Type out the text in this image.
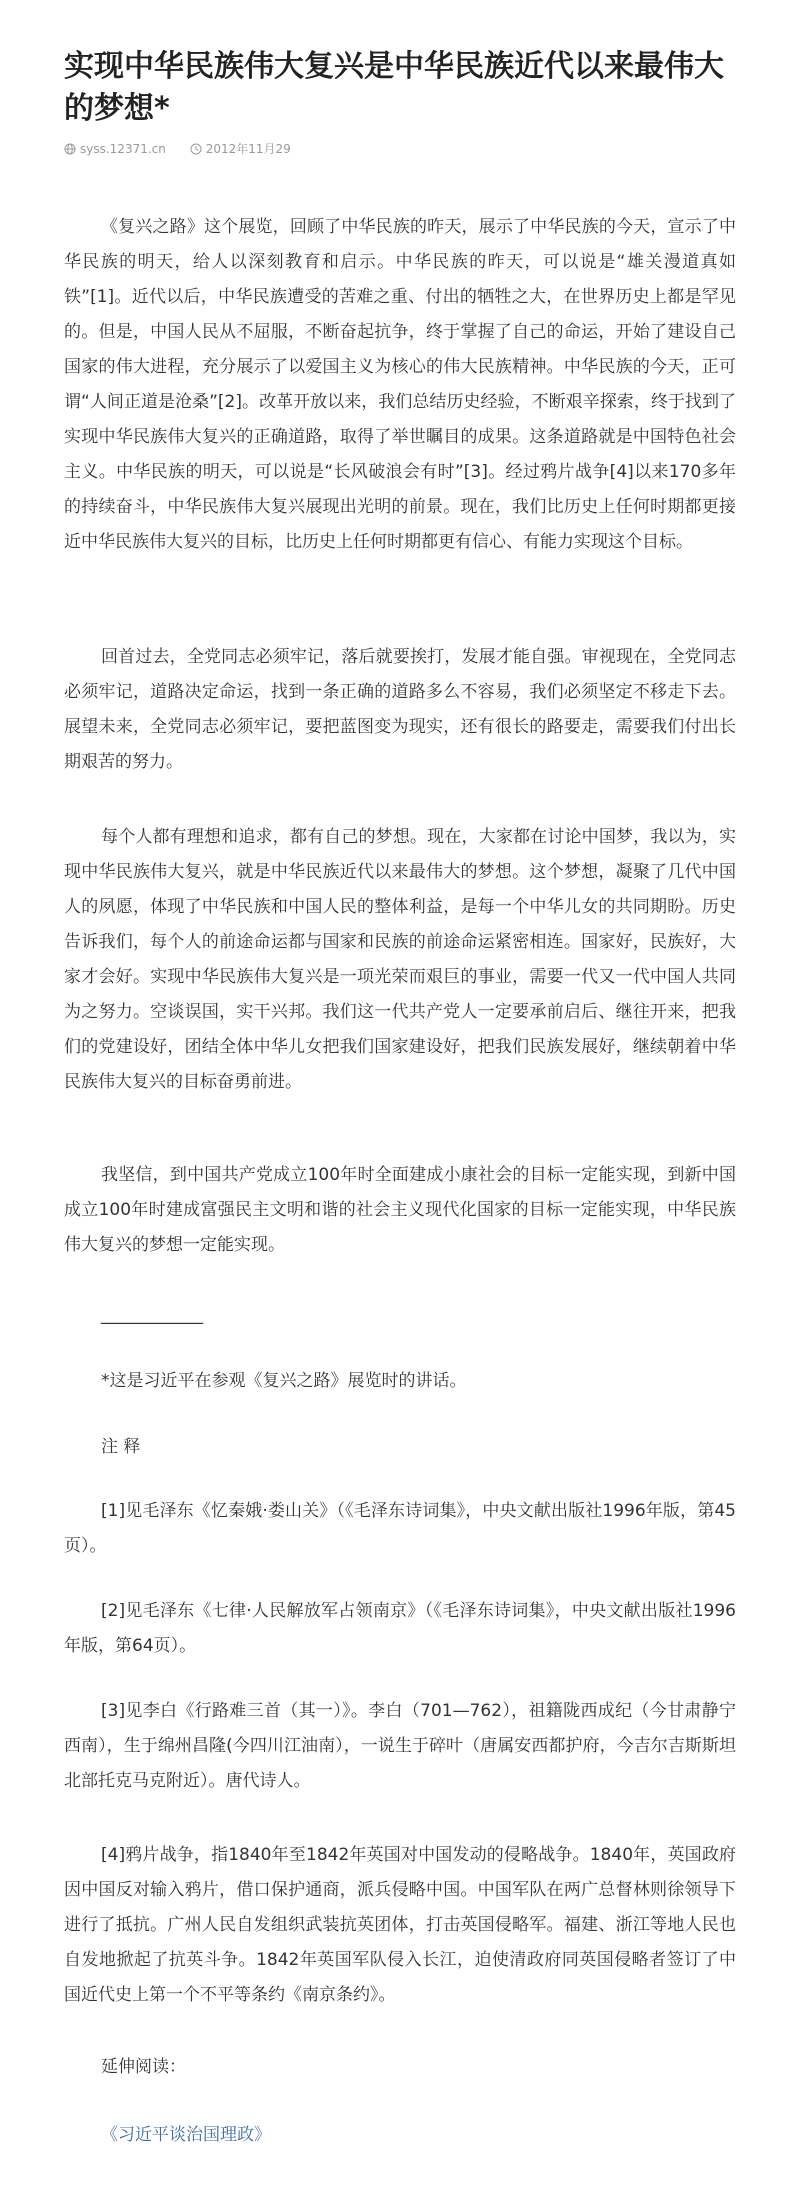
实现中华民族伟大复兴是中华民族近代以来最伟大的梦想*
syss.12371.cn	2012年11月29

《复兴之路》这个展览，回顾了中华民族的昨天，展示了中华民族的今天，宣示了中华民族的明天，给人以深刻教育和启示。中华民族的昨天，可以说是“雄关漫道真如铁”[1]。近代以后，中华民族遭受的苦难之重、付出的牺牲之大，在世界历史上都是罕见的。但是，中国人民从不屈服，不断奋起抗争，终于掌握了自己的命运，开始了建设自己国家的伟大进程，充分展示了以爱国主义为核心的伟大民族精神。中华民族的今天，正可谓“人间正道是沧桑”[2]。改革开放以来，我们总结历史经验，不断艰辛探索，终于找到了实现中华民族伟大复兴的正确道路，取得了举世瞩目的成果。这条道路就是中国特色社会主义。中华民族的明天，可以说是“长风破浪会有时”[3]。经过鸦片战争[4]以来170多年的持续奋斗，中华民族伟大复兴展现出光明的前景。现在，我们比历史上任何时期都更接近中华民族伟大复兴的目标，比历史上任何时期都更有信心、有能力实现这个目标。

回首过去，全党同志必须牢记，落后就要挨打，发展才能自强。审视现在，全党同志必须牢记，道路决定命运，找到一条正确的道路多么不容易，我们必须坚定不移走下去。展望未来，全党同志必须牢记，要把蓝图变为现实，还有很长的路要走，需要我们付出长期艰苦的努力。

每个人都有理想和追求，都有自己的梦想。现在，大家都在讨论中国梦，我以为，实现中华民族伟大复兴，就是中华民族近代以来最伟大的梦想。这个梦想，凝聚了几代中国人的夙愿，体现了中华民族和中国人民的整体利益，是每一个中华儿女的共同期盼。历史告诉我们，每个人的前途命运都与国家和民族的前途命运紧密相连。国家好，民族好，大家才会好。实现中华民族伟大复兴是一项光荣而艰巨的事业，需要一代又一代中国人共同为之努力。空谈误国，实干兴邦。我们这一代共产党人一定要承前启后、继往开来，把我们的党建设好，团结全体中华儿女把我们国家建设好，把我们民族发展好，继续朝着中华民族伟大复兴的目标奋勇前进。

我坚信，到中国共产党成立100年时全面建成小康社会的目标一定能实现，到新中国成立100年时建成富强民主文明和谐的社会主义现代化国家的目标一定能实现，中华民族伟大复兴的梦想一定能实现。

____________

*这是习近平在参观《复兴之路》展览时的讲话。

注 释

[1]见毛泽东《忆秦娥·娄山关》（《毛泽东诗词集》，中央文献出版社1996年版，第45页）。

[2]见毛泽东《七律·人民解放军占领南京》（《毛泽东诗词集》，中央文献出版社1996年版，第64页）。

[3]见李白《行路难三首（其一）》。李白（701—762），祖籍陇西成纪（今甘肃静宁西南），生于绵州昌隆(今四川江油南），一说生于碎叶（唐属安西都护府，今吉尔吉斯斯坦北部托克马克附近）。唐代诗人。

[4]鸦片战争，指1840年至1842年英国对中国发动的侵略战争。1840年，英国政府因中国反对输入鸦片，借口保护通商，派兵侵略中国。中国军队在两广总督林则徐领导下进行了抵抗。广州人民自发组织武装抗英团体，打击英国侵略军。福建、浙江等地人民也自发地掀起了抗英斗争。1842年英国军队侵入长江，迫使清政府同英国侵略者签订了中国近代史上第一个不平等条约《南京条约》。

延伸阅读：

《习近平谈治国理政》
